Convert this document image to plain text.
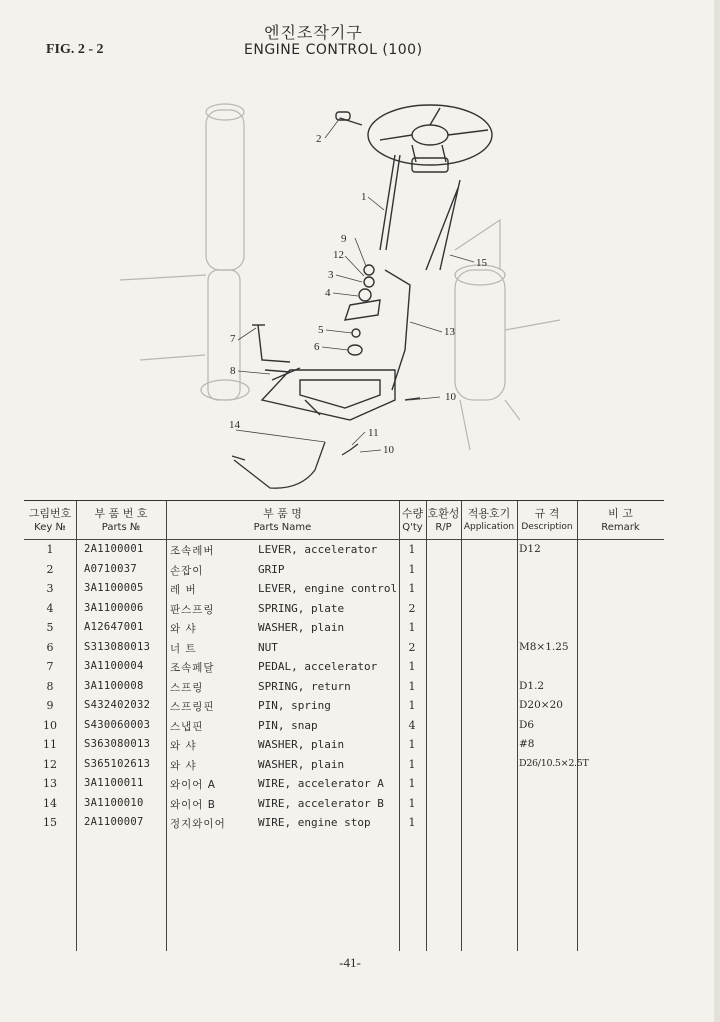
FIG. 2 - 2
엔진조작기구
ENGINE CONTROL (100)
2
1
9
12
3
4
5
6
7
8
10
13
14
11
10
15
그림번호
Key №
부 품 번 호
Parts №
부 품 명
Parts Name
수량
Q'ty
호환성
R/P
적용호기
Application
규 격
Description
비 고
Remark
1	2A1100001	조속레버	LEVER, accelerator	1	D12
2	A0710037	손잡이	GRIP	1
3	3A1100005	레 버	LEVER, engine control	1
4	3A1100006	판스프링	SPRING, plate	2
5	A12647001	와 샤	WASHER, plain	1
6	S313080013 너 트	NUT	2	M8×1.25
7	3A1100004	조속페달	PEDAL, accelerator	1
8	3A1100008	스프링	SPRING, return	1	D1.2
9	S432402032 스프링핀	PIN, spring	1	D20×20
10	S430060003 스냅핀	PIN, snap	4	D6
11	S363080013 와 샤	WASHER, plain	1	#8
12	S365102613 와 샤	WASHER, plain	1	D26/10.5×2.5T
13	3A1100011	와이어 A	WIRE, accelerator A	1
14	3A1100010	와이어 B	WIRE, accelerator B	1
15	2A1100007	정지와이어	WIRE, engine stop	1
-41-
